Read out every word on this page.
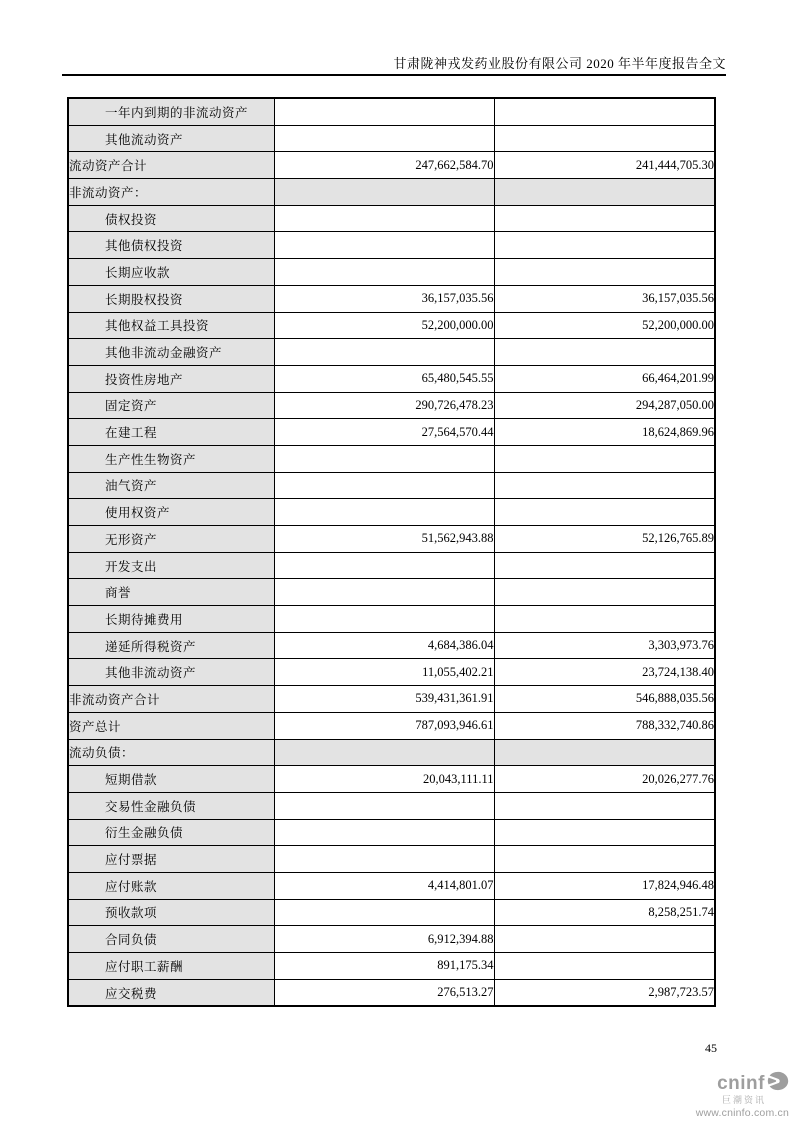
甘肃陇神戎发药业股份有限公司 2020 年半年度报告全文
一年内到期的非流动资产		
其他流动资产		
流动资产合计	247,662,584.70	241,444,705.30
非流动资产：		
债权投资		
其他债权投资		
长期应收款		
长期股权投资	36,157,035.56	36,157,035.56
其他权益工具投资	52,200,000.00	52,200,000.00
其他非流动金融资产		
投资性房地产	65,480,545.55	66,464,201.99
固定资产	290,726,478.23	294,287,050.00
在建工程	27,564,570.44	18,624,869.96
生产性生物资产		
油气资产		
使用权资产		
无形资产	51,562,943.88	52,126,765.89
开发支出		
商誉		
长期待摊费用		
递延所得税资产	4,684,386.04	3,303,973.76
其他非流动资产	11,055,402.21	23,724,138.40
非流动资产合计	539,431,361.91	546,888,035.56
资产总计	787,093,946.61	788,332,740.86
流动负债：		
短期借款	20,043,111.11	20,026,277.76
交易性金融负债		
衍生金融负债		
应付票据		
应付账款	4,414,801.07	17,824,946.48
预收款项		8,258,251.74
合同负债	6,912,394.88	
应付职工薪酬	891,175.34	
应交税费	276,513.27	2,987,723.57
45
cninf
巨潮资讯
www.cninfo.com.cn
